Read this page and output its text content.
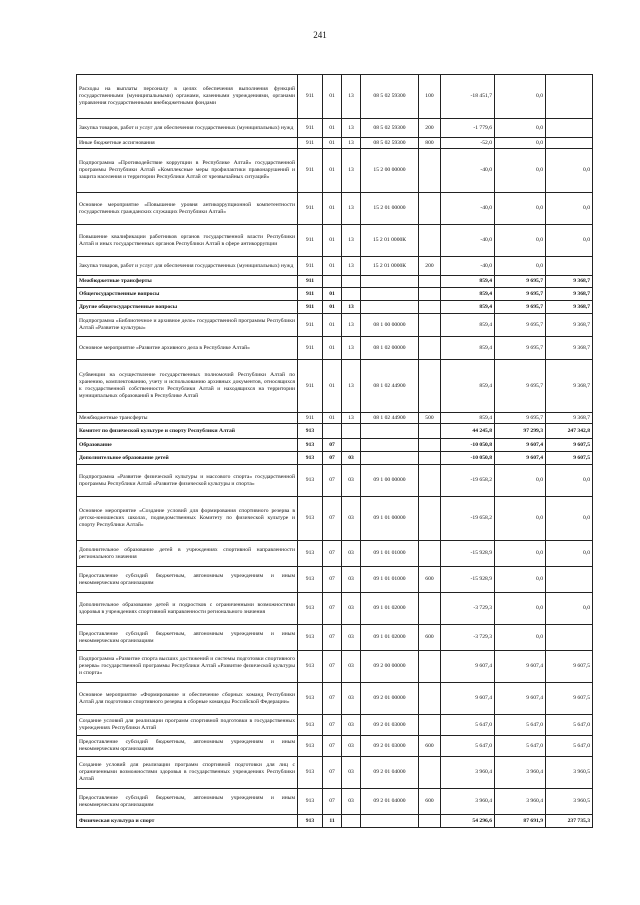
241
Расходы на выплаты персоналу в целях обеспечения выполнения функций государственными (муниципальными) органами, казенными учреждениями, органами управления государственными внебюджетными фондами	911	01	13	08 5 02 59300	100	-18 451,7	0,0	
Закупка товаров, работ и услуг для обеспечения государственных (муниципальных) нужд	911	01	13	08 5 02 59300	200	-1 779,6	0,0	
Иные бюджетные ассигнования	911	01	13	08 5 02 59300	800	-52,0	0,0	
Подпрограмма «Противодействие коррупции в Республике Алтай» государственной программы Республики Алтай «Комплексные меры профилактики правонарушений и защита населения и территории Республики Алтай от чрезвычайных ситуаций»	911	01	13	15 2 00 00000		-40,0	0,0	0,0
Основное мероприятие «Повышение уровня антикоррупционной компетентности государственных гражданских служащих Республики Алтай»	911	01	13	15 2 01 00000		-40,0	0,0	0,0
Повышение квалификации работников органов государственной власти Республики Алтай и иных государственных органов Республики Алтай в сфере антикоррупции	911	01	13	15 2 01 0000К		-40,0	0,0	0,0
Закупка товаров, работ и услуг для обеспечения государственных (муниципальных) нужд	911	01	13	15 2 01 0000К	200	-40,0	0,0	
Межбюджетные трансферты	911					859,4	9 695,7	9 368,7
Общегосударственные вопросы	911	01				859,4	9 695,7	9 368,7
Другие общегосударственные вопросы	911	01	13			859,4	9 695,7	9 368,7
Подпрограмма «Библиотечное и архивное дело» государственной программы Республики Алтай «Развитие культуры»	911	01	13	08 1 00 00000		859,4	9 695,7	9 368,7
Основное мероприятие «Развитие архивного дела в Республике Алтай»	911	01	13	08 1 02 00000		859,4	9 695,7	9 368,7
Субвенции на осуществление государственных полномочий Республики Алтай по хранению, комплектованию, учету и использованию архивных документов, относящихся к государственной собственности Республики Алтай и находящихся на территории муниципальных образований в Республике Алтай	911	01	13	08 1 02 44900		859,4	9 695,7	9 368,7
Межбюджетные трансферты	911	01	13	08 1 02 44900	500	859,4	9 695,7	9 368,7
Комитет по физической культуре и спорту Республики Алтай	913					44 245,8	97 299,3	247 342,8
Образование	913	07				-10 050,8	9 607,4	9 607,5
Дополнительное образование детей	913	07	03			-10 050,8	9 607,4	9 607,5
Подпрограмма «Развитие физической культуры и массового спорта» государственной программы Республики Алтай «Развитие физической культуры и спорта»	913	07	03	09 1 00 00000		-19 658,2	0,0	0,0
Основное мероприятие «Создание условий для формирования спортивного резерва в детско-юношеских школах, подведомственных Комитету по физической культуре и спорту Республики Алтай»	913	07	03	09 1 01 00000		-19 658,2	0,0	0,0
Дополнительное образование детей в учреждениях спортивной направленности регионального значения	913	07	03	09 1 01 01000		-15 928,9	0,0	0,0
Предоставление субсидий бюджетным, автономным учреждениям и иным некоммерческим организациям	913	07	03	09 1 01 01000	600	-15 928,9	0,0	
Дополнительное образование детей и подростков с ограниченными возможностями здоровья в учреждениях спортивной направленности регионального значения	913	07	03	09 1 01 02000		-3 729,3	0,0	0,0
Предоставление субсидий бюджетным, автономным учреждениям и иным некоммерческим организациям	913	07	03	09 1 01 02000	600	-3 729,3	0,0	
Подпрограмма «Развитие спорта высших достижений и системы подготовки спортивного резерва» государственной программы Республики Алтай «Развитие физической культуры и спорта»	913	07	03	09 2 00 00000		9 607,4	9 607,4	9 607,5
Основное мероприятие «Формирование и обеспечение сборных команд Республики Алтай для подготовки спортивного резерва в сборные команды Российской Федерации»	913	07	03	09 2 01 00000		9 607,4	9 607,4	9 607,5
Создание условий для реализации программ спортивной подготовки в государственных учреждениях Республики Алтай	913	07	03	09 2 01 03000		5 647,0	5 647,0	5 647,0
Предоставление субсидий бюджетным, автономным учреждениям и иным некоммерческим организациям	913	07	03	09 2 01 03000	600	5 647,0	5 647,0	5 647,0
Создание условий для реализации программ спортивной подготовки для лиц с ограниченными возможностями здоровья в государственных учреждениях Республики Алтай	913	07	03	09 2 01 04000		3 960,4	3 960,4	3 960,5
Предоставление субсидий бюджетным, автономным учреждениям и иным некоммерческим организациям	913	07	03	09 2 01 04000	600	3 960,4	3 960,4	3 960,5
Физическая культура и спорт	913	11				54 296,6	87 691,9	237 735,3
